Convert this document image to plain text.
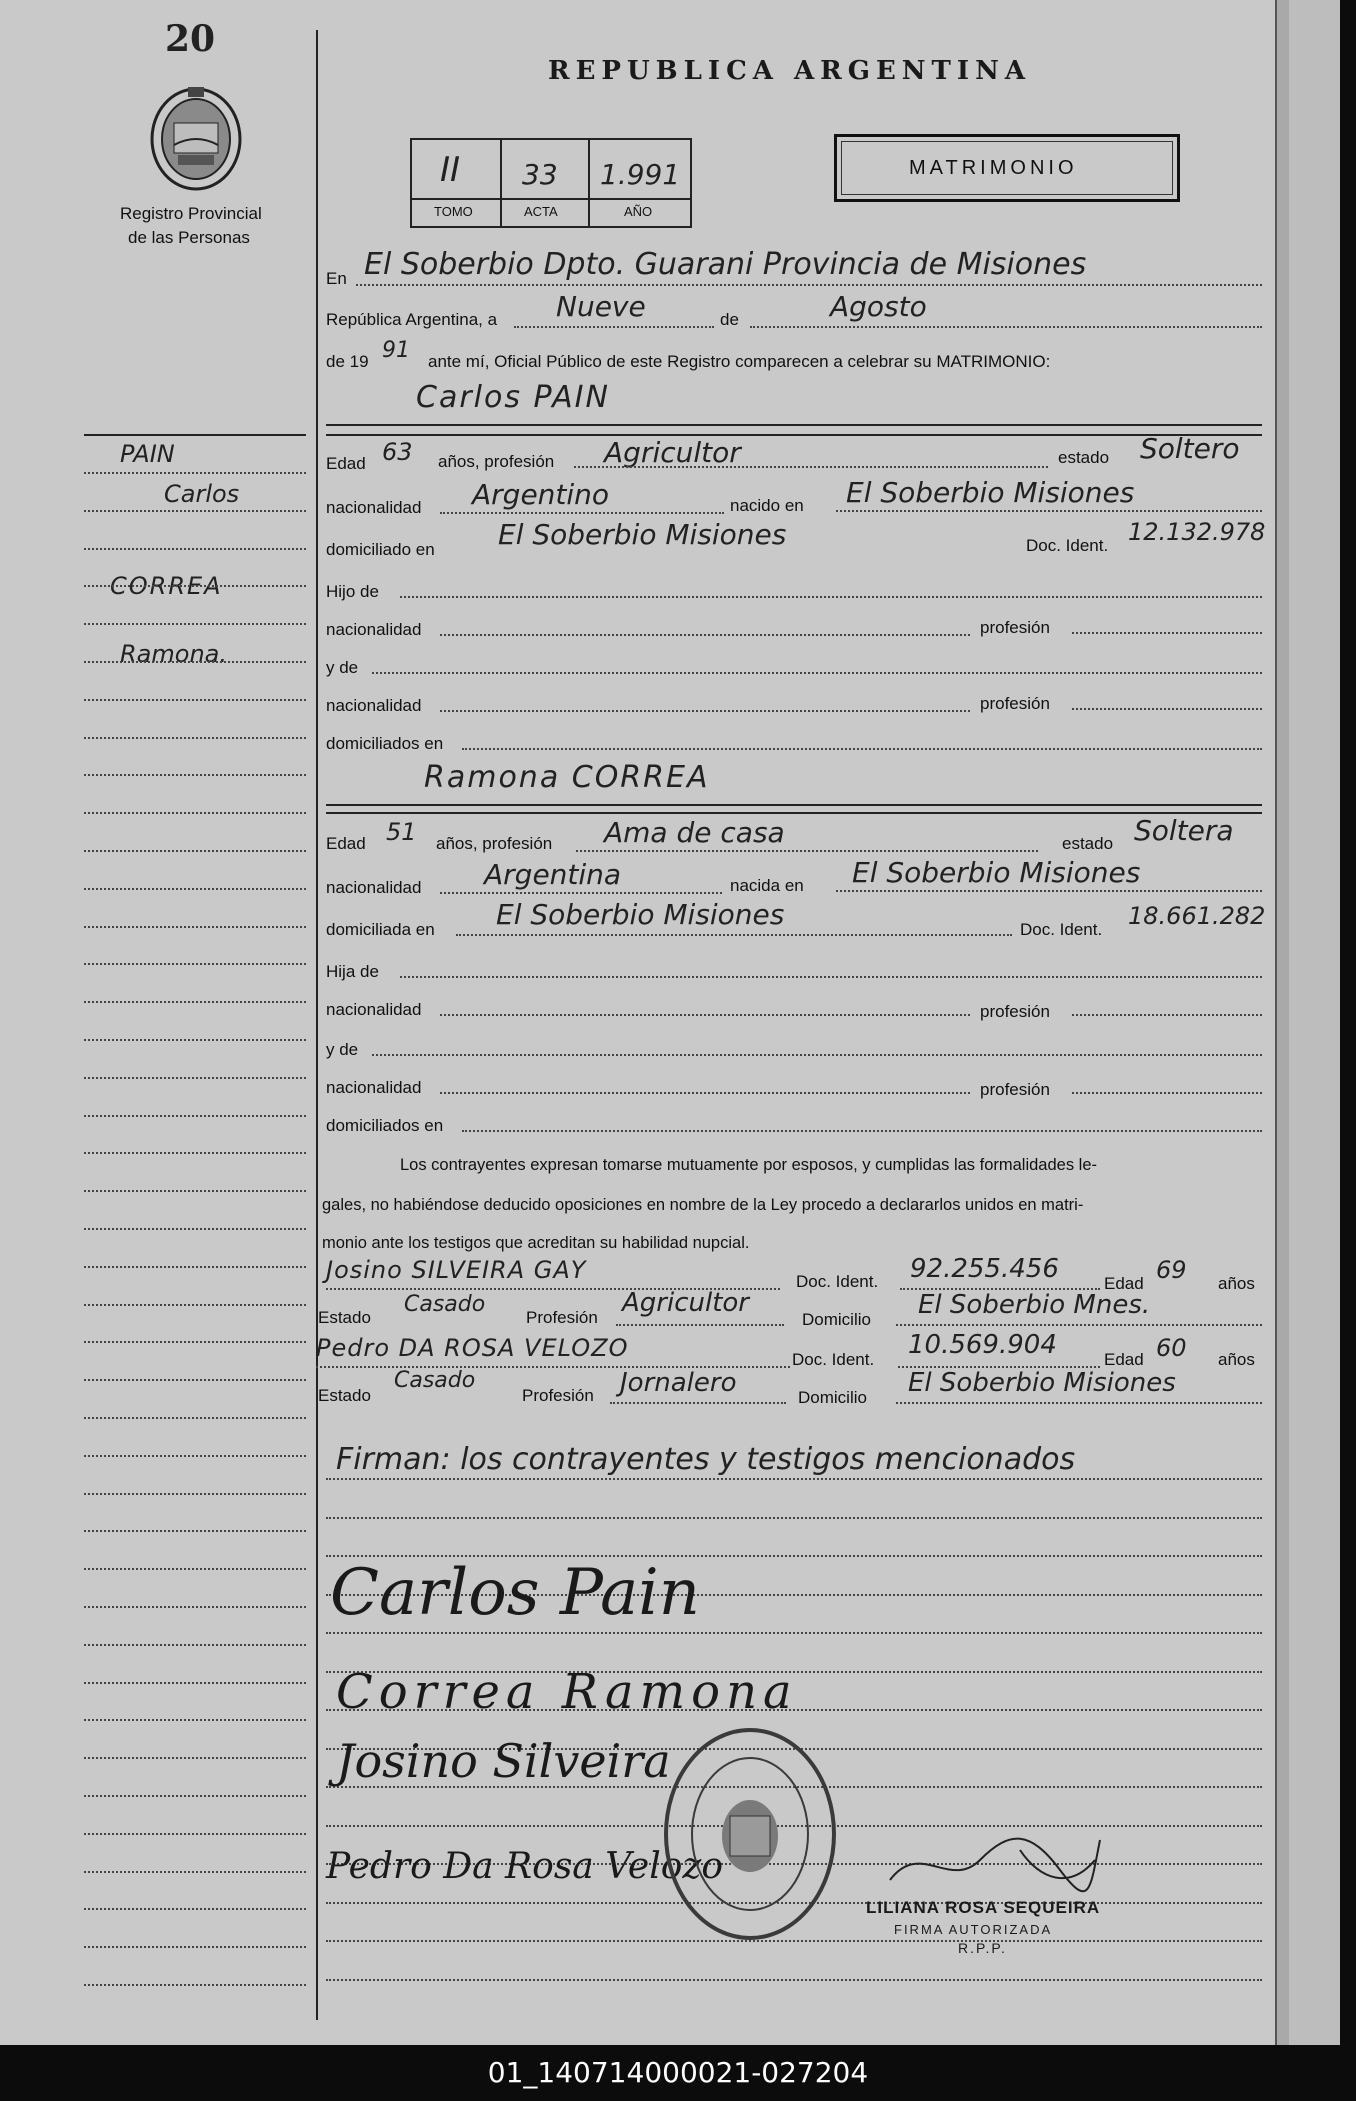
20
Registro Provincial
de las Personas
REPUBLICA ARGENTINA
II
TOMO
33
ACTA
1.991
AÑO
MATRIMONIO
En El Soberbio Dpto. Guarani Provincia de Misiones
República Argentina, a Nueve	de	Agosto
de 19 91 ante mí, Oficial Público de este Registro comparecen a celebrar su MATRIMONIO:
Carlos PAIN
PAIN
Carlos
CORREA
Ramona.
Edad 63 años, profesión Agricultor	estado Soltero
nacionalidad Argentino	nacido en El Soberbio Misiones
domiciliado en El Soberbio Misiones	Doc. Ident. 12.132.978
Hijo de
nacionalidad	profesión
y de
nacionalidad	profesión
domiciliados en
Ramona CORREA
Edad 51 años, profesión Ama de casa	estado Soltera
nacionalidad Argentina	nacida en El Soberbio Misiones
domiciliada en El Soberbio Misiones	Doc. Ident. 18.661.282
Hija de
nacionalidad	profesión
y de
nacionalidad	profesión
domiciliados en
Los contrayentes expresan tomarse mutuamente por esposos, y cumplidas las formalidades le-
gales, no habiéndose deducido oposiciones en nombre de la Ley procedo a declararlos unidos en matri-
monio ante los testigos que acreditan su habilidad nupcial.
Josino SILVEIRA GAY	Doc. Ident. 92.255.456	Edad 69 años
Estado
Casado
Profesión Agricultor
Domicilio El Soberbio Mnes.
Pedro DA ROSA VELOZO	Doc. Ident. 10.569.904	Edad 60 años
Estado
Casado
Profesión Jornalero	Domicilio El Soberbio Misiones
Firman: los contrayentes y testigos mencionados
Carlos Pain
Correa Ramona
Josino Silveira
Pedro Da Rosa Velozo
LILIANA ROSA SEQUEIRA
FIRMA AUTORIZADA
R.P.P.
01_140714000021-027204
